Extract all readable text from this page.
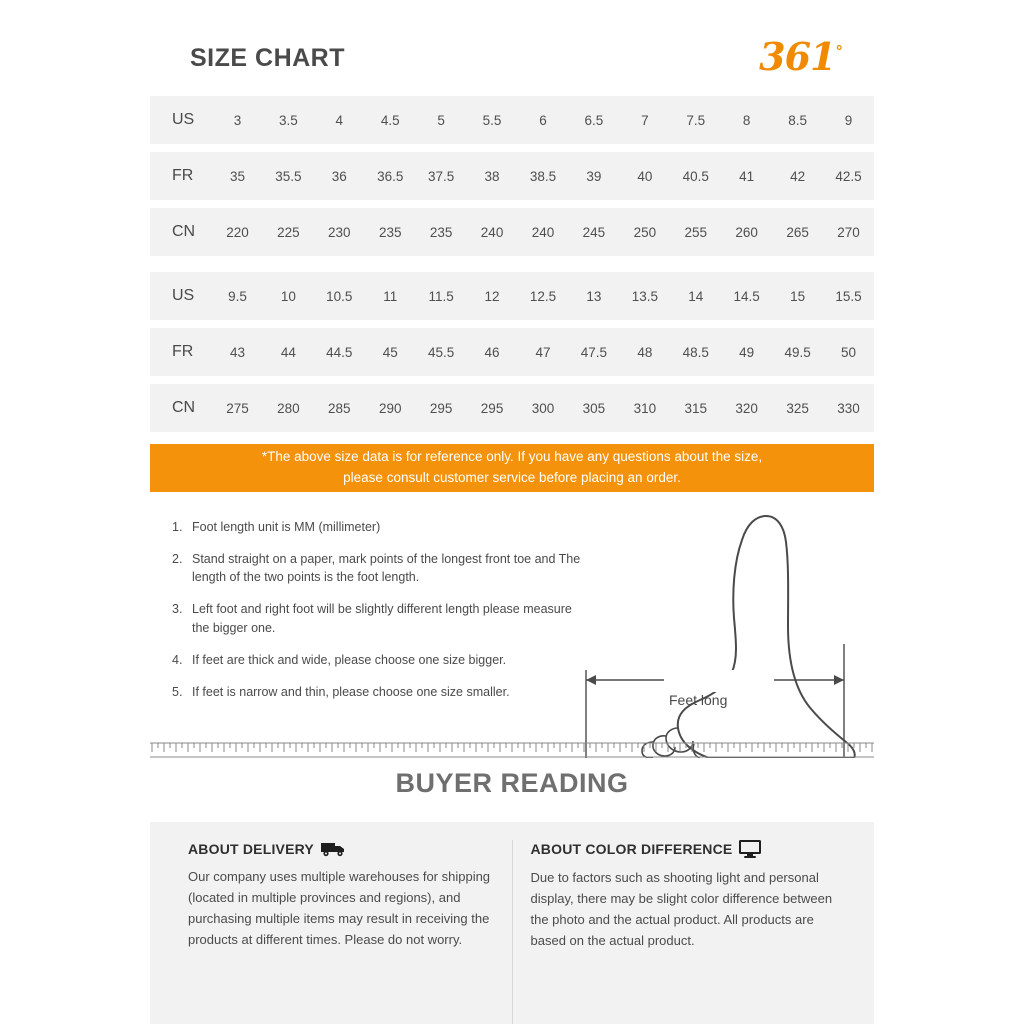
SIZE CHART	361°
US	3	3.5	4	4.5	5	5.5	6	6.5	7	7.5	8	8.5	9
FR	35	35.5	36	36.5	37.5	38	38.5	39	40	40.5	41	42	42.5
CN	220	225	230	235	235	240	240	245	250	255	260	265	270
US	9.5	10	10.5	11	11.5	12	12.5	13	13.5	14	14.5	15	15.5
FR	43	44	44.5	45	45.5	46	47	47.5	48	48.5	49	49.5	50
CN	275	280	285	290	295	295	300	305	310	315	320	325	330
*The above size data is for reference only. If you have any questions about the size,
please consult customer service before placing an order.
1. Foot length unit is MM (millimeter)
2. Stand straight on a paper, mark points of the longest front toe and The length of the two points is the foot length.
3. Left foot and right foot will be slightly different length please measure the bigger one.
4. If feet are thick and wide, please choose one size bigger.
5. If feet is narrow and thin, please choose one size smaller.
Feet long
BUYER READING
ABOUT DELIVERY
Our company uses multiple warehouses for shipping (located in multiple provinces and regions), and purchasing multiple items may result in receiving the products at different times. Please do not worry.
ABOUT COLOR DIFFERENCE
Due to factors such as shooting light and personal display, there may be slight color difference between the photo and the actual product. All products are based on the actual product.
